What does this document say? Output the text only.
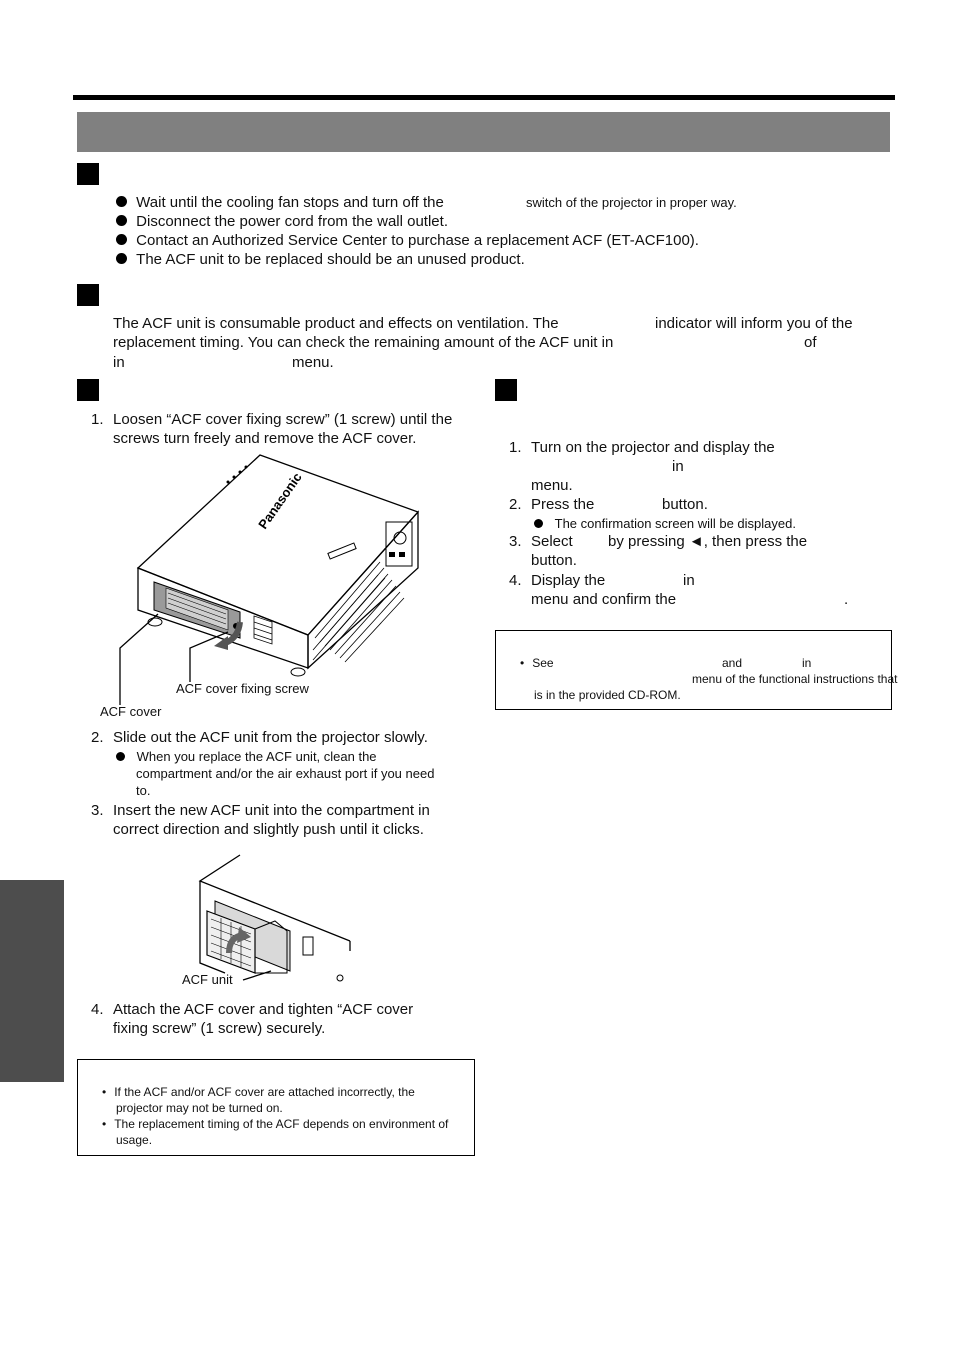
Wait until the cooling fan stops and turn off the	switch of the projector in proper way.
Disconnect the power cord from the wall outlet.
Contact an Authorized Service Center to purchase a replacement ACF (ET-ACF100).
The ACF unit to be replaced should be an unused product.
The ACF unit is consumable product and effects on ventilation. The	indicator will inform you of the
replacement timing. You can check the remaining amount of the ACF unit in	of
in	menu.
1. Loosen “ACF cover fixing screw” (1 screw) until the
screws turn freely and remove the ACF cover.
Panasonic
ACF cover fixing screw
ACF cover
2. Slide out the ACF unit from the projector slowly.
When you replace the ACF unit, clean the
compartment and/or the air exhaust port if you need
to.
3. Insert the new ACF unit into the compartment in
correct direction and slightly push until it clicks.
ACF unit
4. Attach the ACF cover and tighten “ACF cover
fixing screw” (1 screw) securely.
• If the ACF and/or ACF cover are attached incorrectly, the
projector may not be turned on.
• The replacement timing of the ACF depends on environment of
usage.
1. Turn on the projector and display the
in
menu.
2. Press the	button.
The confirmation screen will be displayed.
3. Select by pressing ◄, then press the
button.
4. Display the	in
menu and confirm the	.
• See	and	in
menu of the functional instructions that
is in the provided CD-ROM.
